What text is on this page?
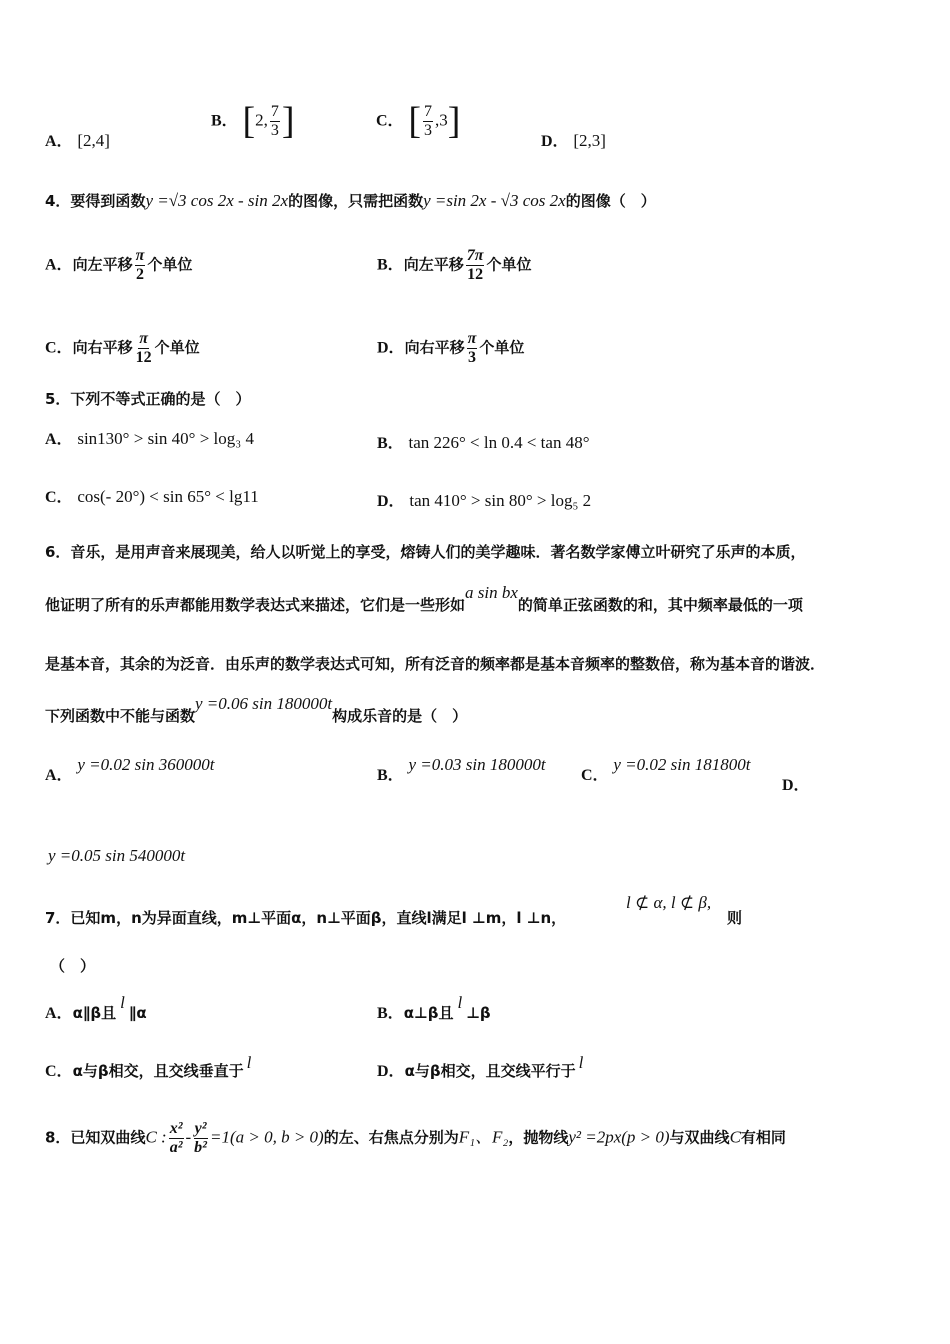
A． [2,4]
B． [2, $\frac{7}{3}$ ]	C． [ $\frac{7}{3} ,3$]	D． [2,3]
4．要得到函数y =√3 cos 2x - sin 2x的图像，只需把函数y =sin 2x - √3 cos 2x的图像（　）
A．向左平移 $\frac{\pi}{2}$ 个单位	B．向左平移 $\frac{7\pi}{12}$ 个单位
C．向右平移 $\frac{\pi}{12}$ 个单位	D．向右平移 $\frac{\pi}{3}$ 个单位
5．下列不等式正确的是（　）
A． sin130° > sin 40° > log₃ 4	B． tan 226° < ln 0.4 < tan 48°
C． cos(- 20°) < sin 65° < lg11	D． tan 410° > sin 80° > log₅ 2
6．音乐，是用声音来展现美，给人以听觉上的享受，熔铸人们的美学趣味．著名数学家傅立叶研究了乐声的本质，
他证明了所有的乐声都能用数学表达式来描述，它们是一些形如a sin bx的简单正弦函数的和，其中频率最低的一项
是基本音，其余的为泛音．由乐声的数学表达式可知，所有泛音的频率都是基本音频率的整数倍，称为基本音的谐波．
下列函数中不能与函数y =0.06 sin 180000t构成乐音的是（　）
A． y =0.02 sin 360000t
B． y =0.03 sin 180000t
C． y =0.02 sin 181800t
D．
y =0.05 sin 540000t
7．已知m，n为异面直线，m⊥平面α，n⊥平面β，直线l满足l ⊥m，l ⊥n，
l ⊄ α, l ⊄ β,
则
（　）
A．α∥β且l∥α	B．α⊥β且l⊥β
C．α与β相交，且交线垂直于 l	D．α与β相交，且交线平行于 l
8．已知双曲线C : $\frac{\text{x²}}{\text{a²}} - \frac{\text{y²}}{\text{b²}} =1(a > 0$, b > 0)的左、右焦点分别为F₁、F₂，抛物线y² =2px(p > 0)与双曲线C有相同
